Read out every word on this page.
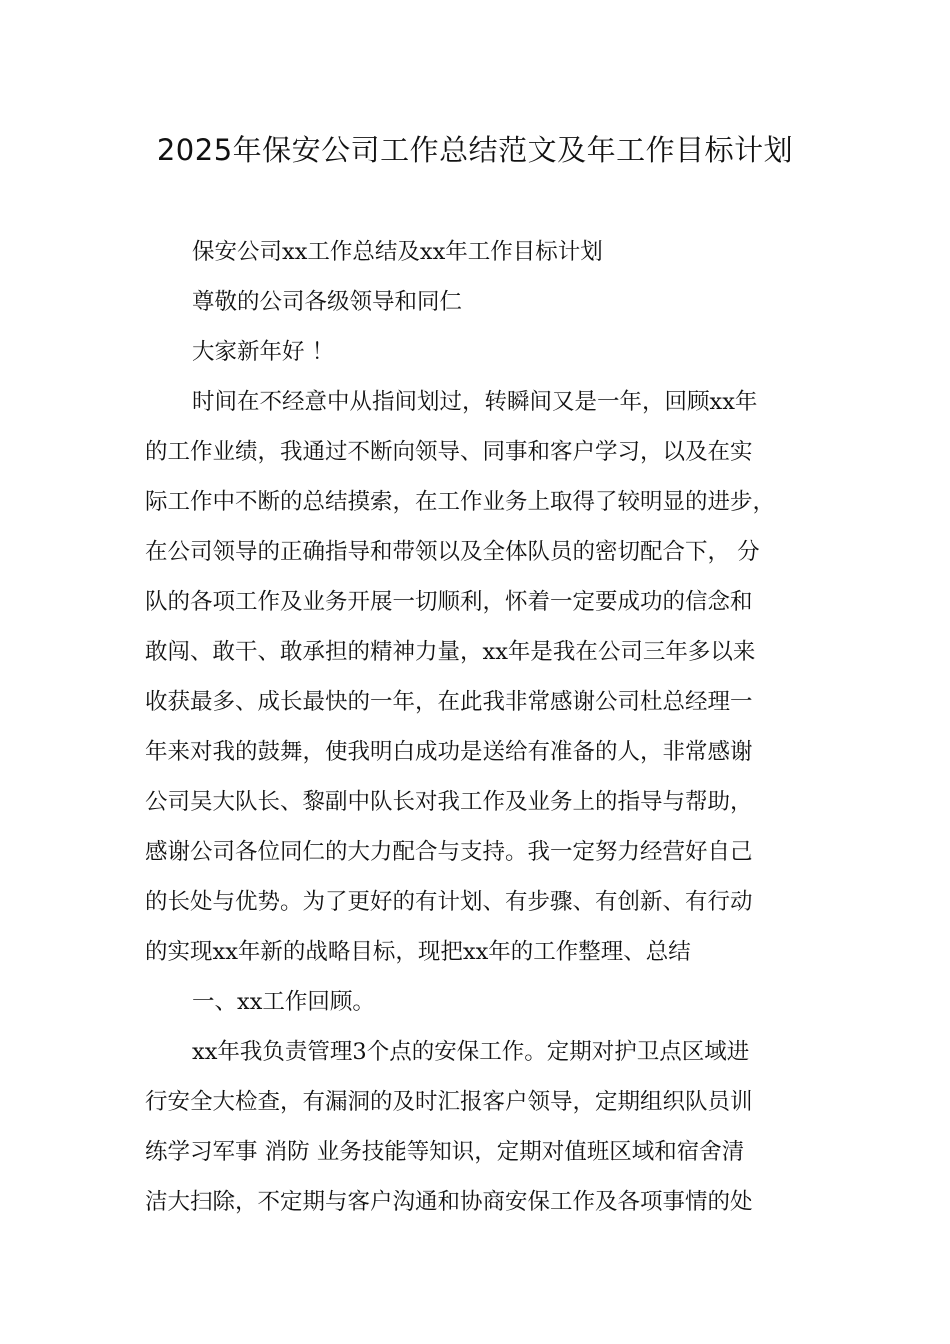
2025年保安公司工作总结范文及年工作目标计划
保安公司xx工作总结及xx年工作目标计划
尊敬的公司各级领导和同仁
大家新年好 ！
时间在不经意中从指间划过，转瞬间又是一年，回顾xx年
的工作业绩，我通过不断向领导、同事和客户学习，以及在实
际工作中不断的总结摸索，在工作业务上取得了较明显的进步，
在公司领导的正确指导和带领以及全体队员的密切配合下， 分
队的各项工作及业务开展一切顺利，怀着一定要成功的信念和
敢闯、敢干、敢承担的精神力量，xx年是我在公司三年多以来
收获最多、成长最快的一年，在此我非常感谢公司杜总经理一
年来对我的鼓舞，使我明白成功是送给有准备的人，非常感谢
公司吴大队长、黎副中队长对我工作及业务上的指导与帮助，
感谢公司各位同仁的大力配合与支持。我一定努力经营好自己
的长处与优势。为了更好的有计划、有步骤、有创新、有行动
的实现xx年新的战略目标，现把xx年的工作整理、总结
一、xx工作回顾。
xx年我负责管理3个点的安保工作。定期对护卫点区域进
行安全大检查，有漏洞的及时汇报客户领导，定期组织队员训
练学习军事 消防 业务技能等知识，定期对值班区域和宿舍清
洁大扫除，不定期与客户沟通和协商安保工作及各项事情的处
